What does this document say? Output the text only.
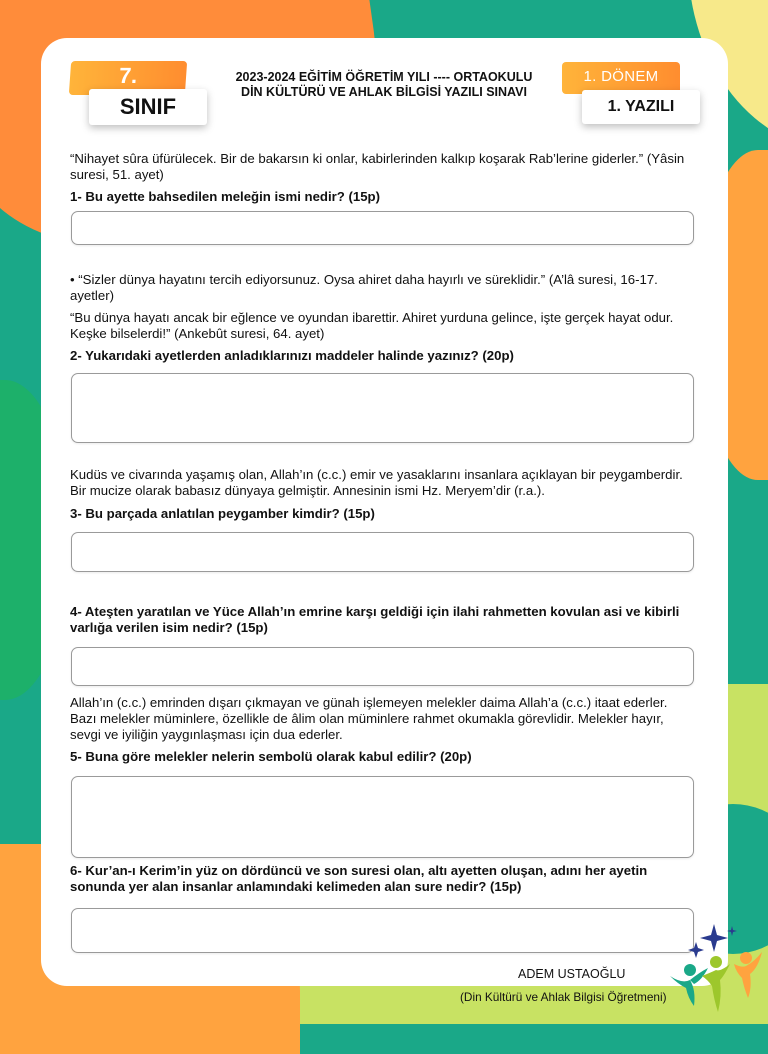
7.
SINIF
2023-2024 EĞİTİM ÖĞRETİM YILI ---- ORTAOKULU DİN KÜLTÜRÜ VE AHLAK BİLGİSİ YAZILI SINAVI
1. DÖNEM
1. YAZILI
“Nihayet sûra üfürülecek. Bir de bakarsın ki onlar, kabirlerinden kalkıp koşarak Rab’lerine giderler.” (Yâsin suresi, 51. ayet)
1- Bu ayette bahsedilen meleğin ismi nedir? (15p)
• “Sizler dünya hayatını tercih ediyorsunuz. Oysa ahiret daha hayırlı ve süreklidir.” (A’lâ suresi, 16-17. ayetler)
“Bu dünya hayatı ancak bir eğlence ve oyundan ibarettir. Ahiret yurduna gelince, işte gerçek hayat odur. Keşke bilselerdi!” (Ankebût suresi, 64. ayet)
2- Yukarıdaki ayetlerden anladıklarınızı maddeler halinde yazınız? (20p)
Kudüs ve civarında yaşamış olan, Allah’ın (c.c.) emir ve yasaklarını insanlara açıklayan bir peygamberdir. Bir mucize olarak babasız dünyaya gelmiştir. Annesinin ismi Hz. Meryem’dir (r.a.).
3- Bu parçada anlatılan peygamber kimdir? (15p)
4- Ateşten yaratılan ve Yüce Allah’ın emrine karşı geldiği için ilahi rahmetten kovulan asi ve kibirli varlığa verilen isim nedir? (15p)
Allah’ın (c.c.) emrinden dışarı çıkmayan ve günah işlemeyen melekler daima Allah’a (c.c.) itaat ederler. Bazı melekler müminlere, özellikle de âlim olan müminlere rahmet okumakla görevlidir. Melekler hayır, sevgi ve iyiliğin yaygınlaşması için dua ederler.
5- Buna göre melekler nelerin sembolü olarak kabul edilir? (20p)
6- Kur’an-ı Kerim’in yüz on dördüncü ve son suresi olan, altı ayetten oluşan, adını her ayetin sonunda yer alan insanlar anlamındaki kelimeden alan sure nedir? (15p)
ADEM USTAOĞLU
(Din Kültürü ve Ahlak Bilgisi Öğretmeni)
